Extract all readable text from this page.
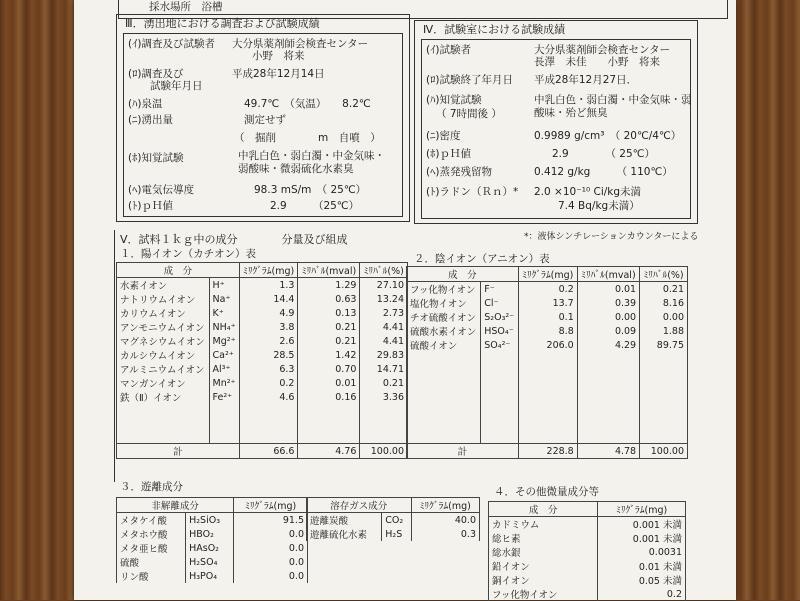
採水場所　浴槽
Ⅲ．湧出地における調査および試験成績
(ｲ)調査及び試験者 大分県薬剤師会検査センター
小野　将来
(ﾛ)調査及び
試験年月日
平成28年12月14日
(ﾊ)泉温	49.7℃　（気温）　　8.2℃
(ﾆ)湧出量	測定せず
（　掘削　　　　m　自噴　）
(ﾎ)知覚試験	中乳白色・弱白濁・中金気味・
弱酸味・微弱硫化水素臭
(ﾍ)電気伝導度	98.3 mS/m　（ 25℃）
(ﾄ)ｐＨ値	2.9　　　（25℃）
Ⅳ．試験室における試験成績
(ｲ)試験者	大分県薬剤師会検査センター
長澤　未佳　　小野　将来
(ﾛ)試験終了年月日 平成28年12月27日．
(ﾊ)知覚試験
（ 7時間後 ）
中乳白色・弱白濁・中金気味・弱
酸味・殆ど無臭
(ﾆ)密度	0.9989 g/cm³　（ 20℃/4℃）
(ﾎ)ｐＨ値	2.9　　　　（ 25℃）
(ﾍ)蒸発残留物	0.412 g/kg　　　（ 110℃）
(ﾄ)ラドン（Ｒｎ）* 2.0 ×10⁻¹⁰ Ci/kg未満
7.4 Bq/kg未満）
*：液体シンチレーションカウンターによる
Ⅴ．試料１ｋｇ中の成分　　　　分量及び組成
１．陽イオン（カチオン）表
成　分		ﾐﾘｸﾞﾗﾑ(mg)	ﾐﾘﾊﾞﾙ(mval)	ﾐﾘﾊﾞﾙ(%)
水素イオン	H⁺	1.3	1.29	27.10
ナトリウムイオン	Na⁺	14.4	0.63	13.24
カリウムイオン	K⁺	4.9	0.13	2.73
アンモニウムイオン	NH₄⁺	3.8	0.21	4.41
マグネシウムイオン	Mg²⁺	2.6	0.21	4.41
カルシウムイオン	Ca²⁺	28.5	1.42	29.83
アルミニウムイオン	Al³⁺	6.3	0.70	14.71
マンガンイオン	Mn²⁺	0.2	0.01	0.21
鉄（Ⅱ）イオン	Fe²⁺	4.6	0.16	3.36

計		66.6	4.76	100.00
２．陰イオン（アニオン）表
成　分		ﾐﾘｸﾞﾗﾑ(mg)	ﾐﾘﾊﾞﾙ(mval)	ﾐﾘﾊﾞﾙ(%)
フッ化物イオン	F⁻	0.2	0.01	0.21
塩化物イオン	Cl⁻	13.7	0.39	8.16
チオ硫酸イオン	S₂O₃²⁻	0.1	0.00	0.00
硫酸水素イオン	HSO₄⁻	8.8	0.09	1.88
硫酸イオン	SO₄²⁻	206.0	4.29	89.75

計		228.8	4.78	100.00
３．遊離成分
非解離成分		ﾐﾘｸﾞﾗﾑ(mg)
メタケイ酸	H₂SiO₃	91.5
メタホウ酸	HBO₂	0.0
メタ亜ヒ酸	HAsO₂	0.0
硫酸	H₂SO₄	0.0
リン酸	H₃PO₄	0.0
溶存ガス成分		ﾐﾘｸﾞﾗﾑ(mg)
遊離炭酸	CO₂	40.0
遊離硫化水素	H₂S	0.3
４．その他微量成分等
成　分	ﾐﾘｸﾞﾗﾑ(mg)
カドミウム	0.001 未満
総ヒ素	0.001 未満
総水銀	0.0031
鉛イオン	0.01 未満
銅イオン	0.05 未満
フッ化物イオン	0.2
